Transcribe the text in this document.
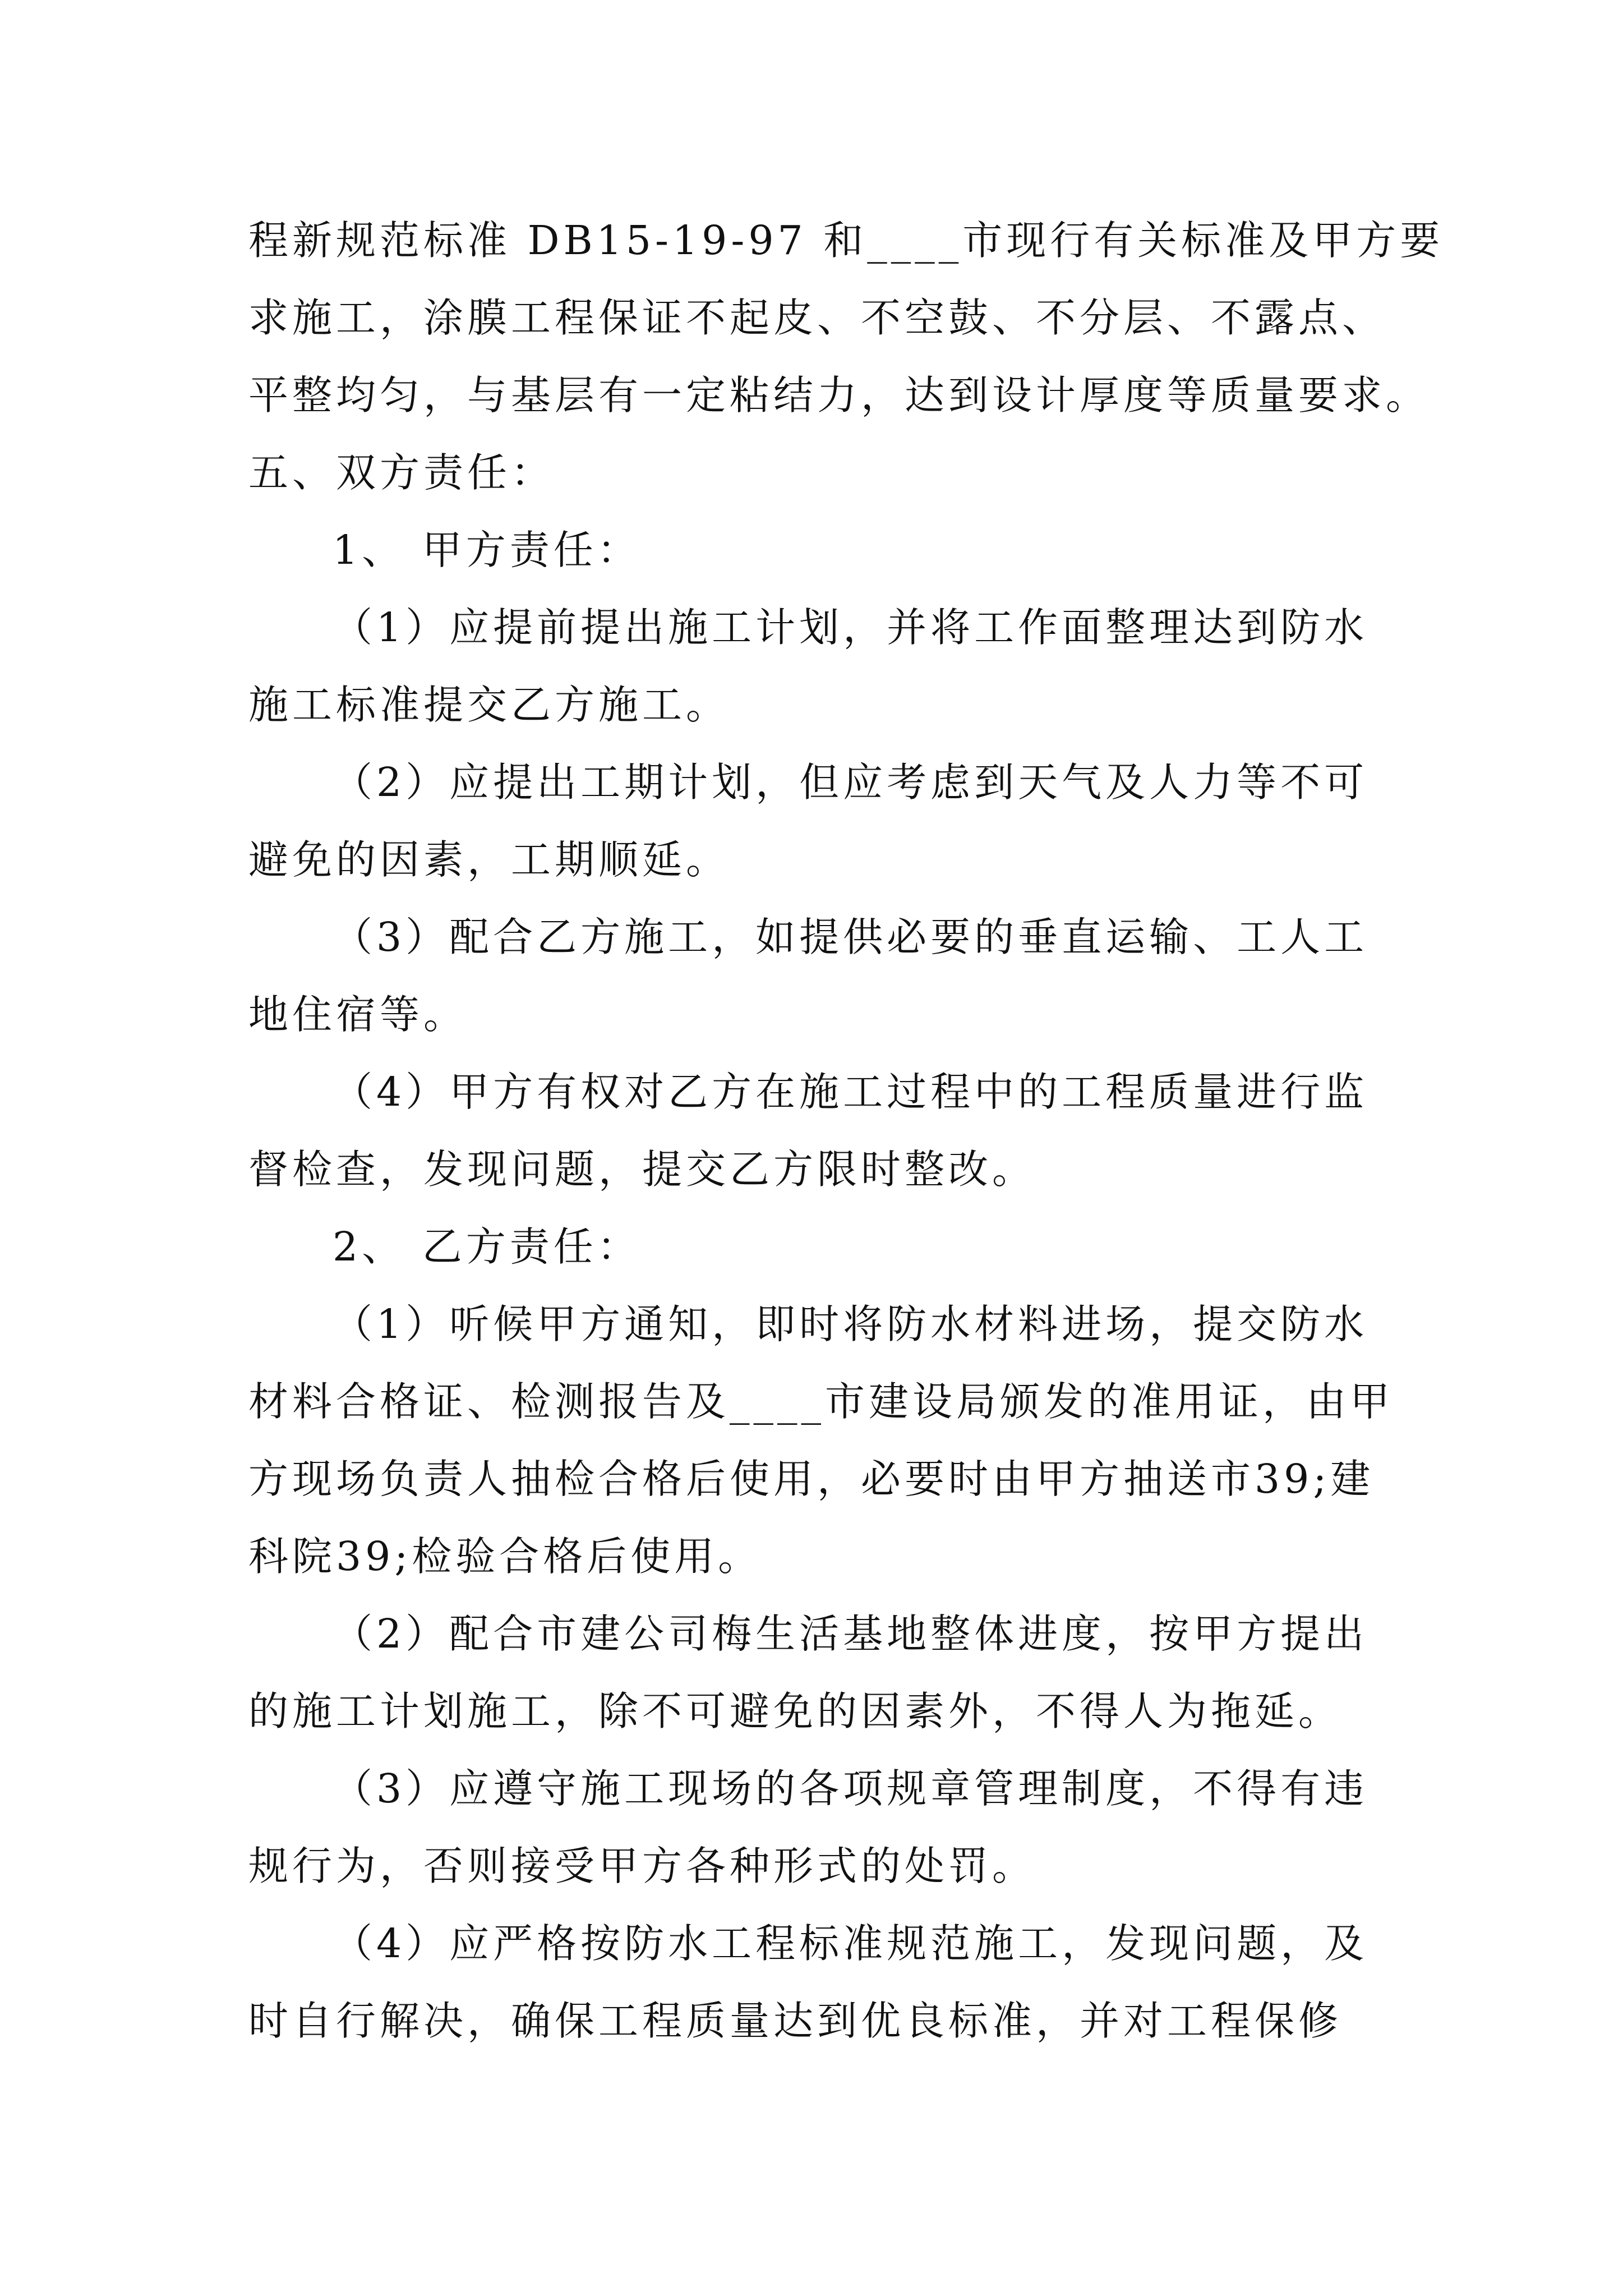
程新规范标准 DB15-19-97 和____市现行有关标准及甲方要
求施工，涂膜工程保证不起皮、不空鼓、不分层、不露点、
平整均匀，与基层有一定粘结力，达到设计厚度等质量要求。
五、双方责任：
1、 甲方责任：
（1）应提前提出施工计划，并将工作面整理达到防水
施工标准提交乙方施工。
（2）应提出工期计划，但应考虑到天气及人力等不可
避免的因素，工期顺延。
（3）配合乙方施工，如提供必要的垂直运输、工人工
地住宿等。
（4）甲方有权对乙方在施工过程中的工程质量进行监
督检查，发现问题，提交乙方限时整改。
2、 乙方责任：
（1）听候甲方通知，即时将防水材料进场，提交防水
材料合格证、检测报告及____市建设局颁发的准用证，由甲
方现场负责人抽检合格后使用，必要时由甲方抽送市39;建
科院39;检验合格后使用。
（2）配合市建公司梅生活基地整体进度，按甲方提出
的施工计划施工，除不可避免的因素外，不得人为拖延。
（3）应遵守施工现场的各项规章管理制度，不得有违
规行为，否则接受甲方各种形式的处罚。
（4）应严格按防水工程标准规范施工，发现问题，及
时自行解决，确保工程质量达到优良标准，并对工程保修
